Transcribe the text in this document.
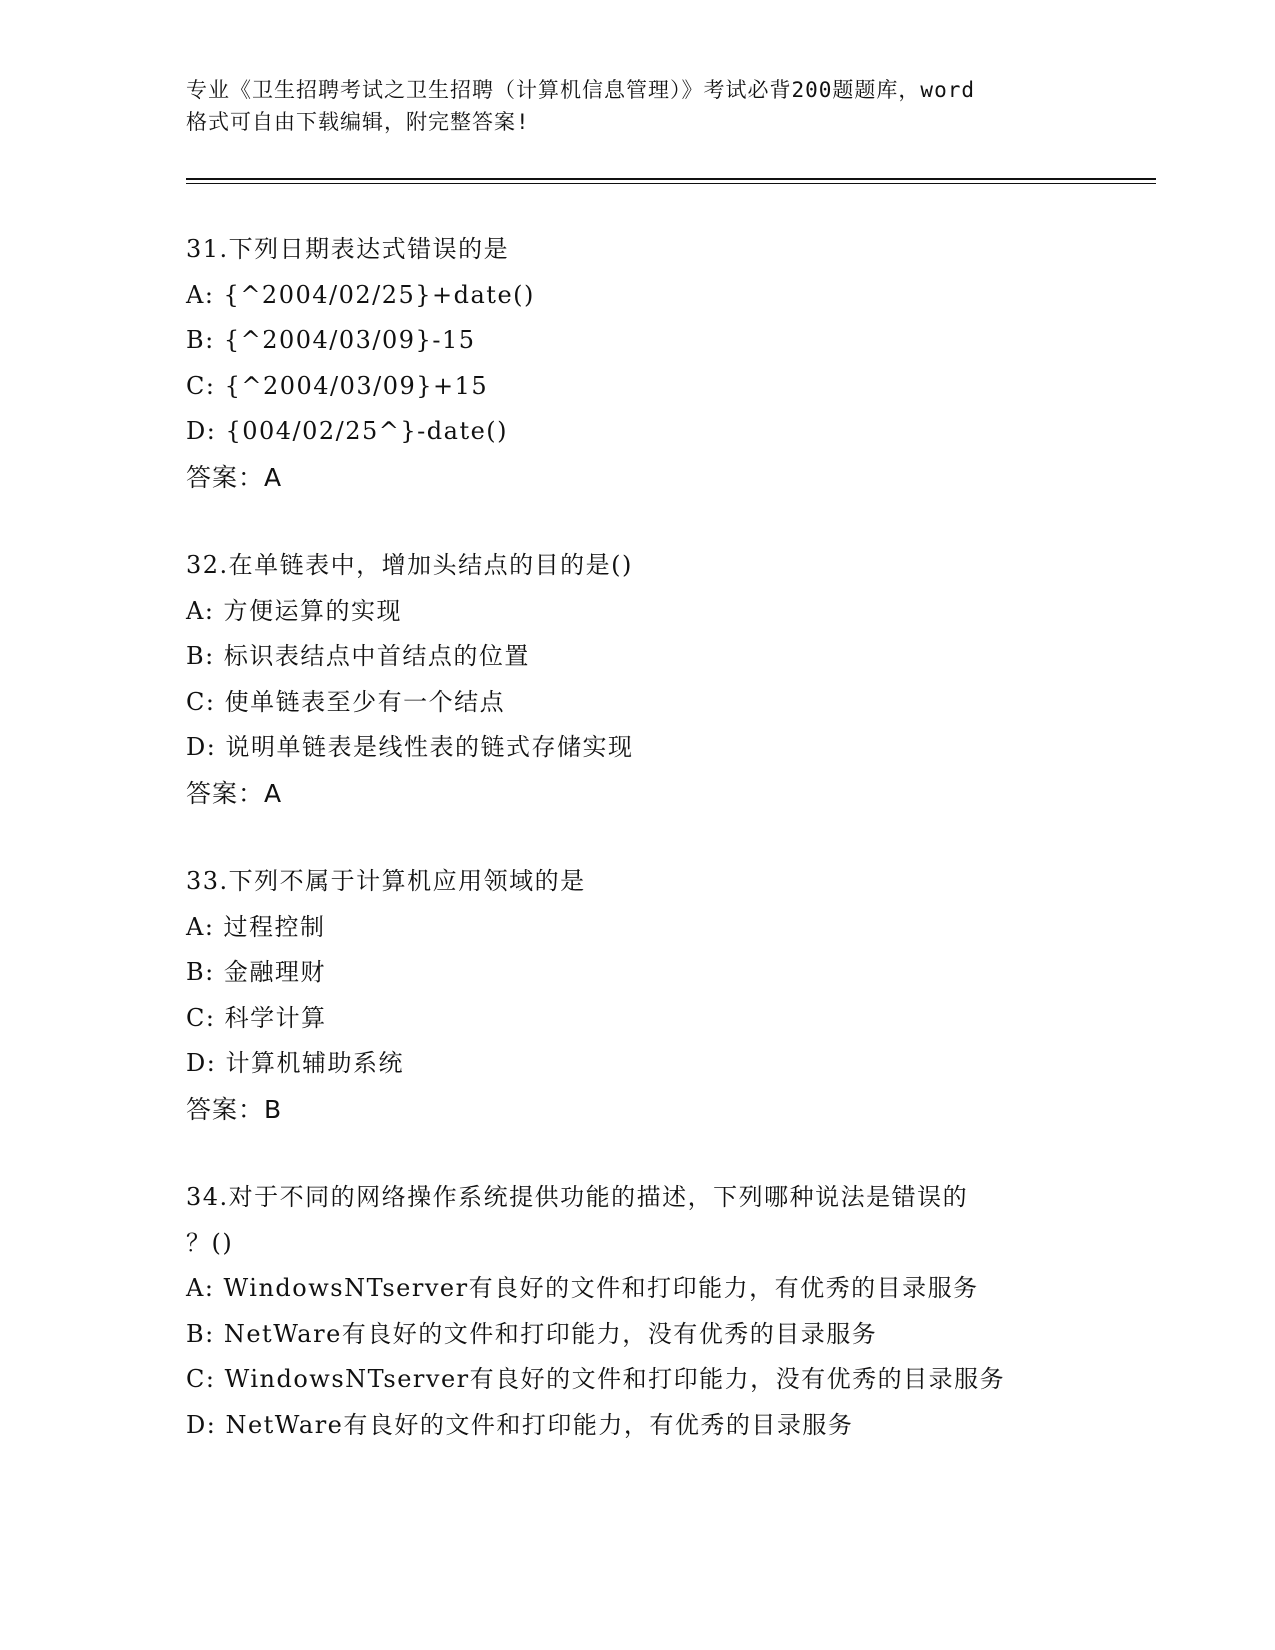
专业《卫生招聘考试之卫生招聘（计算机信息管理）》考试必背200题题库，word
格式可自由下载编辑，附完整答案!
31.下列日期表达式错误的是
A: {^2004/02/25}+date()
B: {^2004/03/09}-15
C: {^2004/03/09}+15
D: {004/02/25^}-date()
答案：A
32.在单链表中，增加头结点的目的是()
A: 方便运算的实现
B: 标识表结点中首结点的位置
C: 使单链表至少有一个结点
D: 说明单链表是线性表的链式存储实现
答案：A
33.下列不属于计算机应用领域的是
A: 过程控制
B: 金融理财
C: 科学计算
D: 计算机辅助系统
答案：B
34.对于不同的网络操作系统提供功能的描述，下列哪种说法是错误的
？()
A: WindowsNTserver有良好的文件和打印能力，有优秀的目录服务
B: NetWare有良好的文件和打印能力，没有优秀的目录服务
C: WindowsNTserver有良好的文件和打印能力，没有优秀的目录服务
D: NetWare有良好的文件和打印能力，有优秀的目录服务
